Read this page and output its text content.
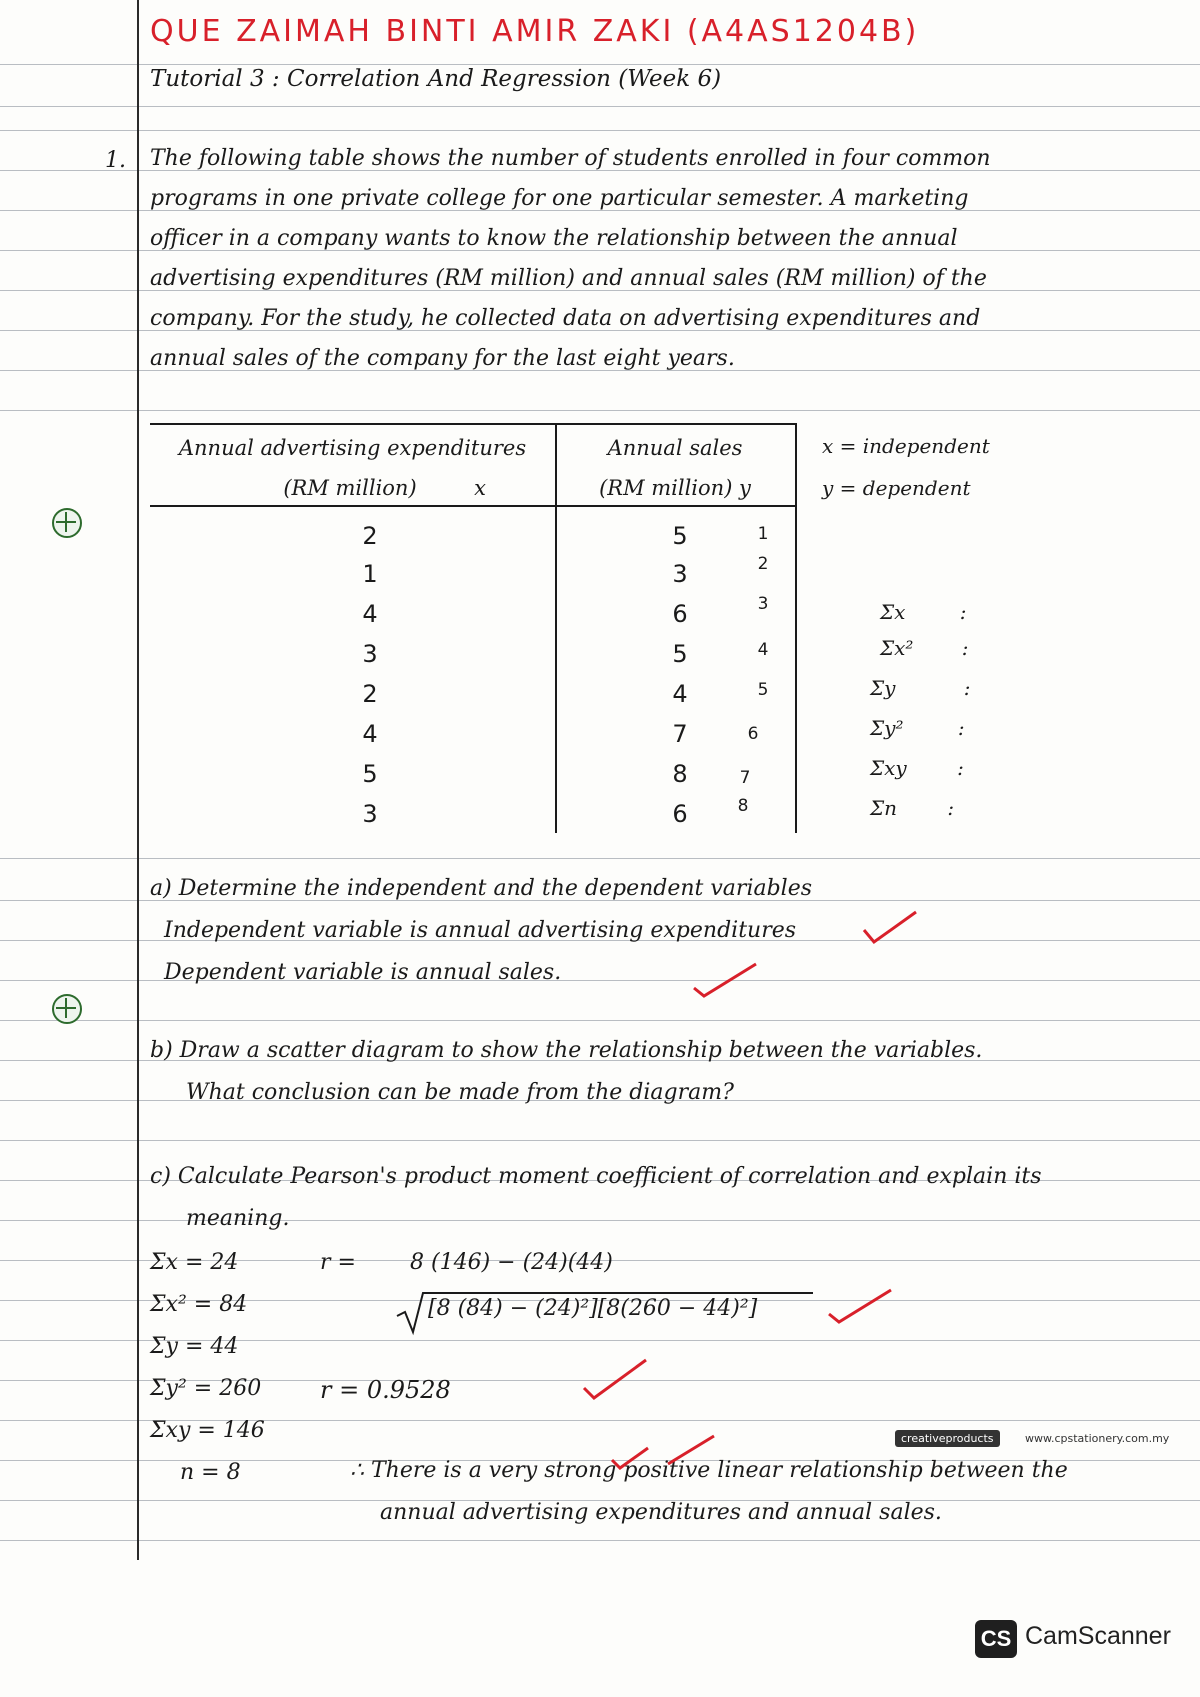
QUE ZAIMAH BINTI AMIR ZAKI (A4AS1204B)
Tutorial 3 : Correlation And Regression (Week 6)
1. The following table shows the number of students enrolled in four common
programs in one private college for one particular semester. A marketing
officer in a company wants to know the relationship between the annual
advertising expenditures (RM million) and annual sales (RM million) of the
company. For the study, he collected data on advertising expenditures and
annual sales of the company for the last eight years.
Annual advertising expenditures
(RM million)	x
Annual sales
(RM million) y
2
1
4
3
2
4
5
3
5
3
6
5
4
7
8
6
1
2
3
4
5
6
7
8
x = independent
y = dependent
Σx :
Σx² :
Σy :
Σy² :
Σxy :
Σn :
a) Determine the independent and the dependent variables
Independent variable is annual advertising expenditures
Dependent variable is annual sales.
b) Draw a scatter diagram to show the relationship between the variables.
What conclusion can be made from the diagram?
c) Calculate Pearson's product moment coefficient of correlation and explain its
meaning.
Σx = 24
Σx² = 84
Σy = 44
Σy² = 260
Σxy = 146
n = 8
r = 8 (146) − (24)(44)
[8 (84) − (24)²][8(260 − 44)²]
r = 0.9528
∴ There is a very strong positive linear relationship between the
annual advertising expenditures and annual sales.
creativeproducts	www.cpstationery.com.my
CS CamScanner
